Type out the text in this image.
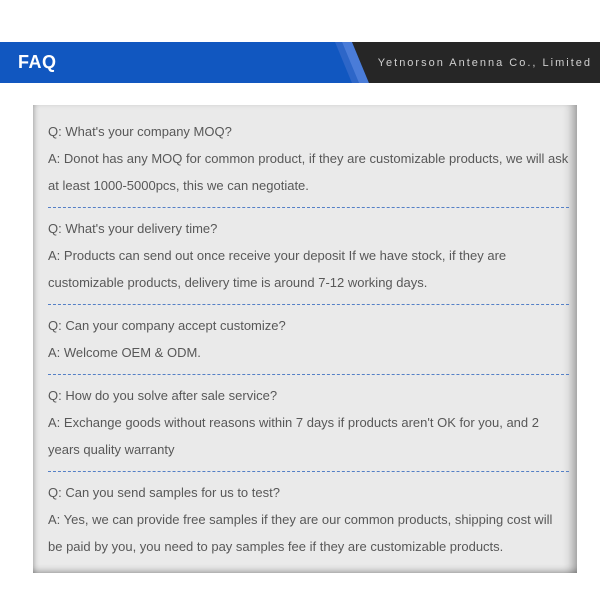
FAQ	Yetnorson Antenna Co., Limited

Q: What's your company MOQ?

A: Donot has any MOQ for common product, if they are customizable products, we will ask at least 1000-5000pcs, this we can negotiate.

Q: What's your delivery time?

A: Products can send out once receive your deposit If we have stock, if they are customizable products, delivery time is around 7-12 working days.

Q: Can your company accept customize?

A: Welcome OEM & ODM.

Q: How do you solve after sale service?

A: Exchange goods without reasons within 7 days if products aren't OK for you, and 2 years quality warranty

Q: Can you send samples for us to test?

A: Yes, we can provide free samples if they are our common products, shipping cost will be paid by you, you need to pay samples fee if they are customizable products.
